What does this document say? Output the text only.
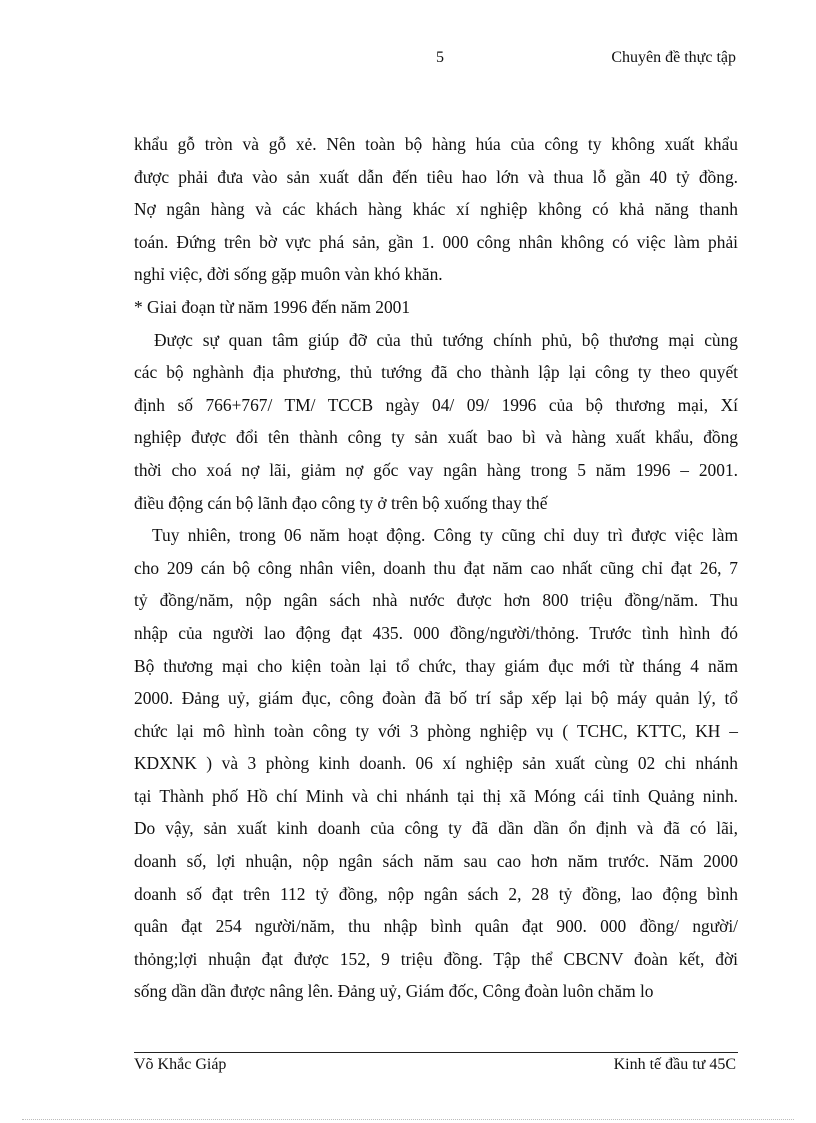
5	Chuyên đề thực tập
khẩu gỗ tròn và gỗ xẻ. Nên toàn bộ hàng húa của công ty không xuất khẩu
được phải đưa vào sản xuất dẫn đến tiêu hao lớn và thua lỗ gần 40 tỷ đồng.
Nợ ngân hàng và các khách hàng khác xí nghiệp không có khả năng thanh
toán. Đứng trên bờ vực phá sản, gần 1. 000 công nhân không có việc làm phải
nghỉ việc, đời sống gặp muôn vàn khó khăn.
* Giai đoạn từ năm 1996 đến năm 2001
Được sự quan tâm giúp đỡ của thủ tướng chính phủ, bộ thương mại cùng
các bộ nghành địa phương, thủ tướng đã cho thành lập lại công ty theo quyết
định số 766+767/ TM/ TCCB ngày 04/ 09/ 1996 của bộ thương mại, Xí
nghiệp được đổi tên thành công ty sản xuất bao bì và hàng xuất khẩu, đồng
thời cho xoá nợ lãi, giảm nợ gốc vay ngân hàng trong 5 năm 1996 – 2001.
điều động cán bộ lãnh đạo công ty ở trên bộ xuống thay thế
Tuy nhiên, trong 06 năm hoạt động. Công ty cũng chỉ duy trì được việc làm
cho 209 cán bộ công nhân viên, doanh thu đạt năm cao nhất cũng chỉ đạt 26, 7
tỷ đồng/năm, nộp ngân sách nhà nước được hơn 800 triệu đồng/năm. Thu
nhập của người lao động đạt 435. 000 đồng/người/thỏng. Trước tình hình đó
Bộ thương mại cho kiện toàn lại tổ chức, thay giám đục mới từ tháng 4 năm
2000. Đảng uỷ, giám đục, công đoàn đã bố trí sắp xếp lại bộ máy quản lý, tổ
chức lại mô hình toàn công ty với 3 phòng nghiệp vụ ( TCHC, KTTC, KH –
KDXNK ) và 3 phòng kinh doanh. 06 xí nghiệp sản xuất cùng 02 chi nhánh
tại Thành phố Hồ chí Minh và chi nhánh tại thị xã Móng cái tỉnh Quảng ninh.
Do vậy, sản xuất kinh doanh của công ty đã dần dần ổn định và đã có lãi,
doanh số, lợi nhuận, nộp ngân sách năm sau cao hơn năm trước. Năm 2000
doanh số đạt trên 112 tỷ đồng, nộp ngân sách 2, 28 tỷ đồng, lao động bình
quân đạt 254 người/năm, thu nhập bình quân đạt 900. 000 đồng/ người/
thỏng;lợi nhuận đạt được 152, 9 triệu đồng. Tập thể CBCNV đoàn kết, đời
sống dần dần được nâng lên. Đảng uỷ, Giám đốc, Công đoàn luôn chăm lo
Võ Khắc Giáp	Kinh tế đầu tư 45C
